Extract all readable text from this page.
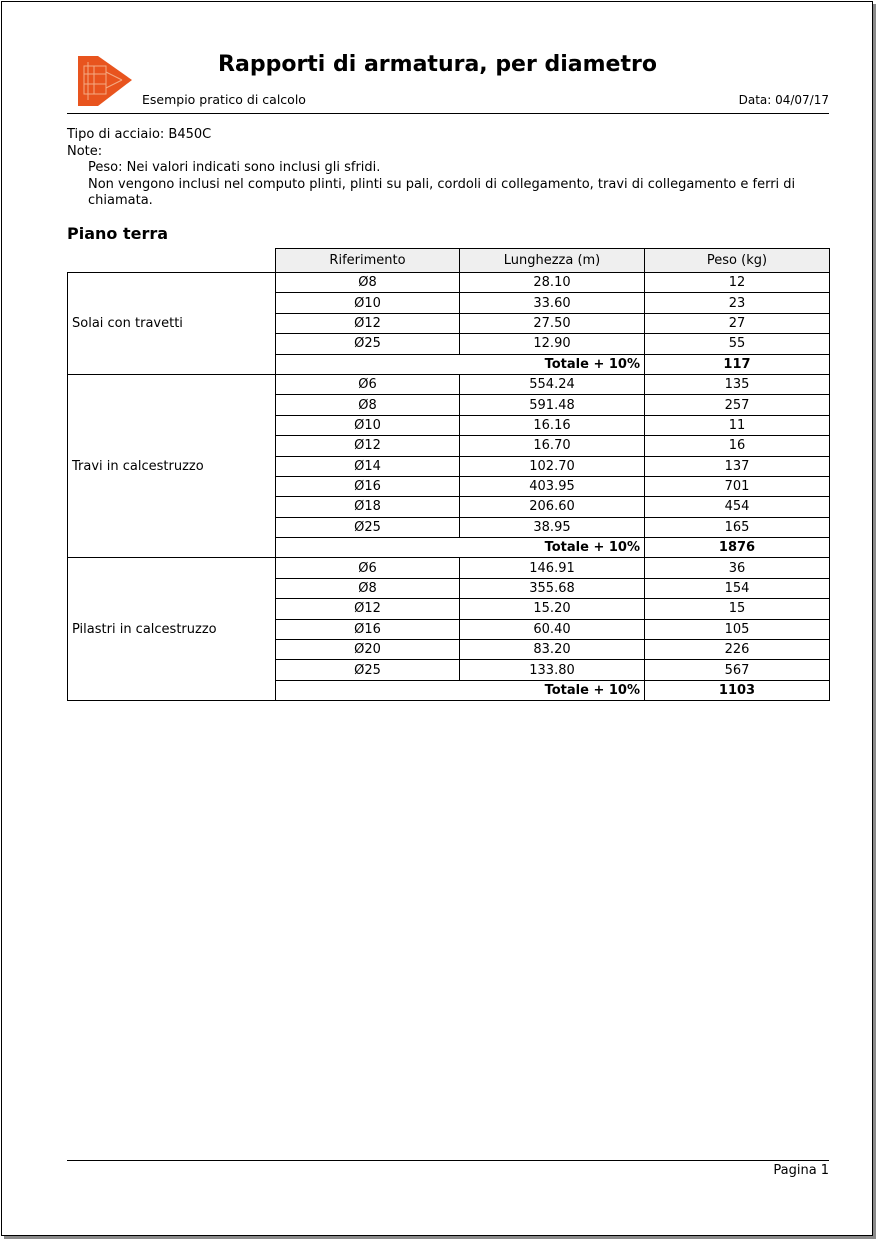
Rapporti di armatura, per diametro
Esempio pratico di calcolo	Data: 04/07/17
Tipo di acciaio: B450C
Note:
Peso: Nei valori indicati sono inclusi gli sfridi.
Non vengono inclusi nel computo plinti, plinti su pali, cordoli di collegamento, travi di collegamento e ferri di chiamata.
Piano terra
	Riferimento	Lunghezza (m)	Peso (kg)
Solai con travetti	Ø8	28.10	12
	Ø10	33.60	23
	Ø12	27.50	27
	Ø25	12.90	55
	Totale + 10%		117
Travi in calcestruzzo	Ø6	554.24	135
	Ø8	591.48	257
	Ø10	16.16	11
	Ø12	16.70	16
	Ø14	102.70	137
	Ø16	403.95	701
	Ø18	206.60	454
	Ø25	38.95	165
	Totale + 10%		1876
Pilastri in calcestruzzo	Ø6	146.91	36
	Ø8	355.68	154
	Ø12	15.20	15
	Ø16	60.40	105
	Ø20	83.20	226
	Ø25	133.80	567
	Totale + 10%		1103
Pagina 1
